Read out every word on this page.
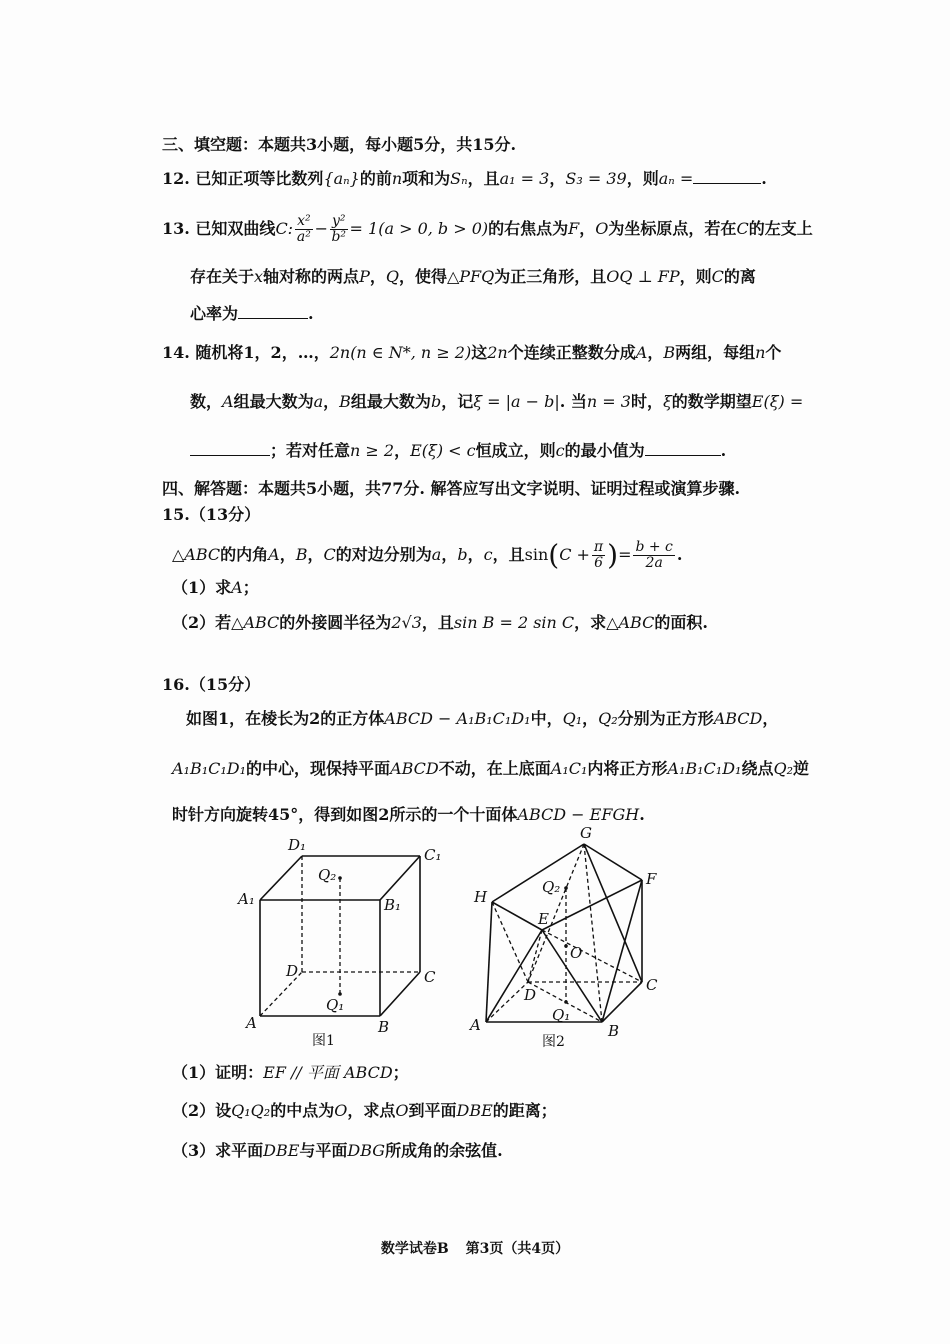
三、填空题：本题共3小题，每小题5分，共15分.
12. 已知正项等比数列{aₙ}的前n项和为Sₙ，且a₁ = 3，S₃ = 39，则aₙ =	.
13. 已知双曲线C: $\frac{\text{x²}}{\text{a²}} - \frac{\text{y²}}{\text{b²}} = 1(a > 0$, b > 0)的右焦点为F，O为坐标原点，若在C的左支上
存在关于x轴对称的两点P，Q，使得△PFQ为正三角形，且OQ ⊥ FP，则C的离
心率为	.
14. 随机将1，2，…，2n(n ∈ N*, n ≥ 2)这2n个连续正整数分成A，B两组，每组n个
数，A组最大数为a，B组最大数为b，记ξ = |a − b|. 当n = 3时，ξ的数学期望E(ξ) =
；若对任意n ≥ 2，E(ξ) < c恒成立，则c的最小值为	.
四、解答题：本题共5小题，共77分. 解答应写出文字说明、证明过程或演算步骤.
15.（13分）
△ABC的内角A，B，C的对边分别为a，b，c，且$\sin(C + \frac{\pi}{6}$ )= $\frac{b + c}{2a}$ .
（1）求A；
（2）若△ABC的外接圆半径为2√3，且sin B = 2 sin C，求△ABC的面积.
16.（15分）
如图1，在棱长为2的正方体ABCD − A₁B₁C₁D₁中，Q₁，Q₂分别为正方形ABCD，
A₁B₁C₁D₁的中心，现保持平面ABCD不动，在上底面A₁C₁内将正方形A₁B₁C₁D₁绕点Q₂逆
时针方向旋转45°，得到如图2所示的一个十面体ABCD − EFGH.
D₁
C₁
Q₂
A₁	B₁
D	C
Q₁
A	B
图1
G
F
H
Q₂
E
O
D
C
Q₁
A	B
图2
（1）证明：EF // 平面 ABCD；
（2）设Q₁Q₂的中点为O，求点O到平面DBE的距离；
（3）求平面DBE与平面DBG所成角的余弦值.
数学试卷B 第3页（共4页）
